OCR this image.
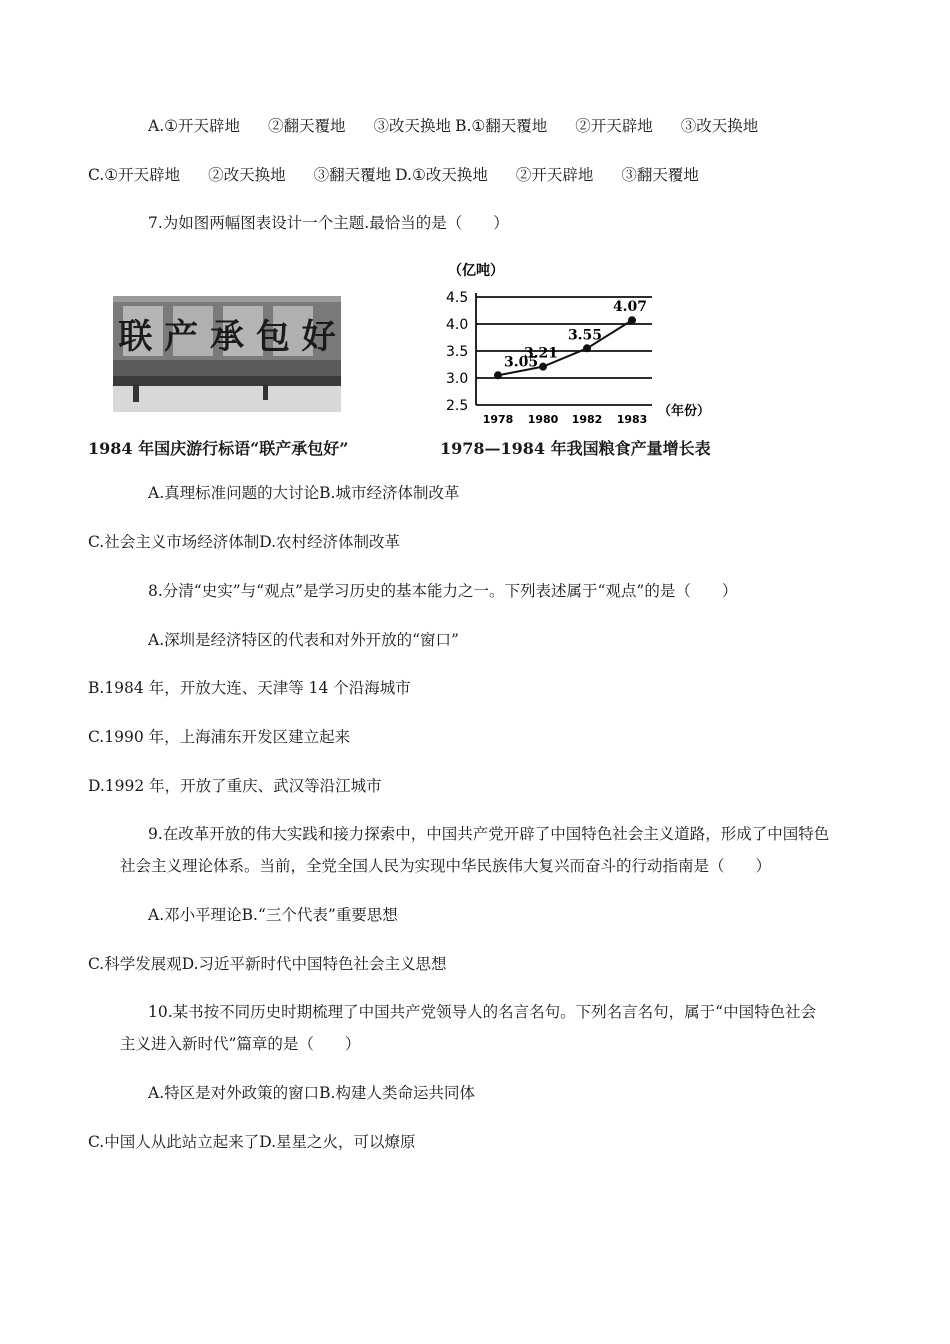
A.①开天辟地 ②翻天覆地 ③改天换地 B.①翻天覆地 ②开天辟地 ③改天换地
C.①开天辟地 ②改天换地 ③翻天覆地 D.①改天换地 ②开天辟地 ③翻天覆地
7.为如图两幅图表设计一个主题.最恰当的是（　　）
联 产 承 包 好
1984 年国庆游行标语“联产承包好”
（亿吨）
（年份）
2.5
3.0
3.5
4.0
4.5
1978 1980 1982 1983
3.05
3.21
3.55
4.07
1978—1984 年我国粮食产量增长表
A.真理标准问题的大讨论B.城市经济体制改革
C.社会主义市场经济体制D.农村经济体制改革
8.分清“史实”与“观点”是学习历史的基本能力之一。下列表述属于“观点”的是（　　）
A.深圳是经济特区的代表和对外开放的“窗口”
B.1984 年，开放大连、天津等 14 个沿海城市
C.1990 年，上海浦东开发区建立起来
D.1992 年，开放了重庆、武汉等沿江城市
9.在改革开放的伟大实践和接力探索中，中国共产党开辟了中国特色社会主义道路，形成了中国特色
社会主义理论体系。当前，全党全国人民为实现中华民族伟大复兴而奋斗的行动指南是（　　）
A.邓小平理论B.“三个代表”重要思想
C.科学发展观D.习近平新时代中国特色社会主义思想
10.某书按不同历史时期梳理了中国共产党领导人的名言名句。下列名言名句，属于“中国特色社会
主义进入新时代”篇章的是（　　）
A.特区是对外政策的窗口B.构建人类命运共同体
C.中国人从此站立起来了D.星星之火，可以燎原
